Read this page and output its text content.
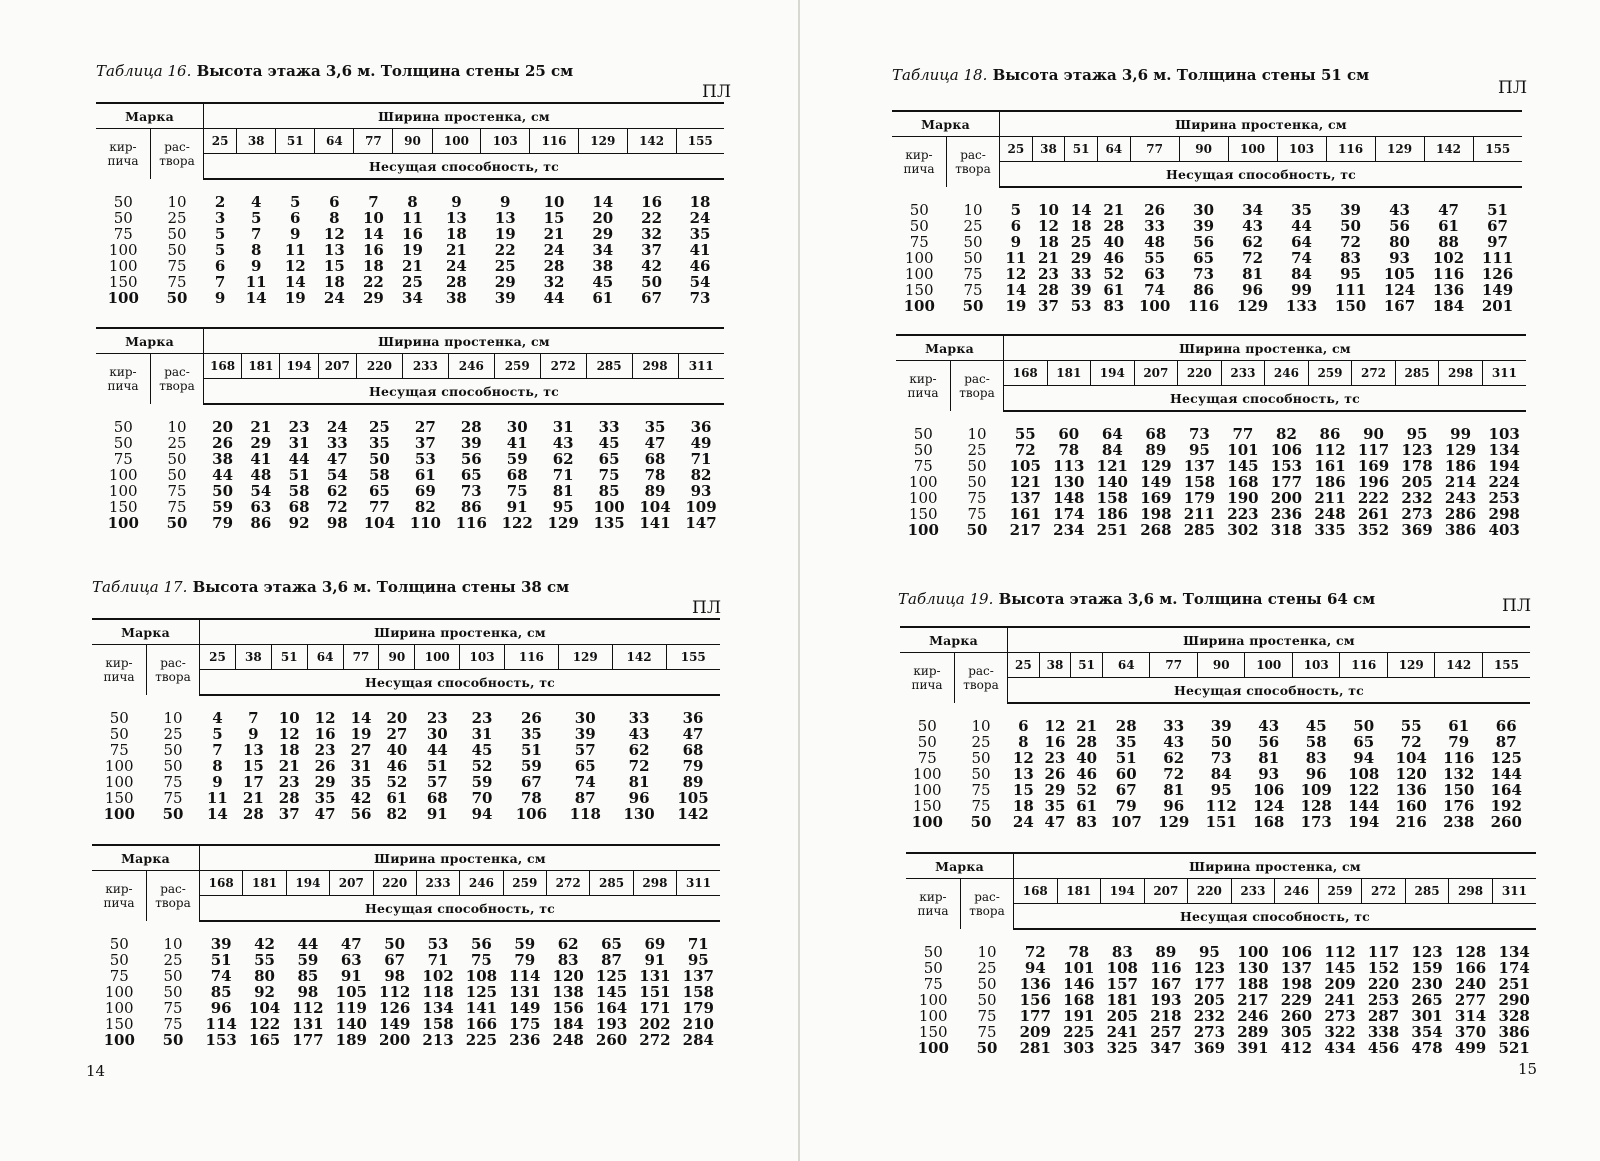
Таблица 16. Высота этажа 3,6 м. Толщина стены 25 см
ПЛ
Марка		Ширина простенка, см											
кир-пича	рас-твора	25	38	51	64	77	90	100	103	116	129	142	155
		Несущая способность, тс											

50	10	2	4	5	6	7	8	9	9	10	14	16	18
50	25	3	5	6	8	10	11	13	13	15	20	22	24
75	50	5	7	9	12	14	16	18	19	21	29	32	35
100	50	5	8	11	13	16	19	21	22	24	34	37	41
100	75	6	9	12	15	18	21	24	25	28	38	42	46
150	75	7	11	14	18	22	25	28	29	32	45	50	54
100	50	9	14	19	24	29	34	38	39	44	61	67	73
Марка		Ширина простенка, см											
кир-пича	рас-твора	168	181	194	207	220	233	246	259	272	285	298	311
		Несущая способность, тс											

50	10	20	21	23	24	25	27	28	30	31	33	35	36
50	25	26	29	31	33	35	37	39	41	43	45	47	49
75	50	38	41	44	47	50	53	56	59	62	65	68	71
100	50	44	48	51	54	58	61	65	68	71	75	78	82
100	75	50	54	58	62	65	69	73	75	81	85	89	93
150	75	59	63	68	72	77	82	86	91	95	100	104	109
100	50	79	86	92	98	104	110	116	122	129	135	141	147
Таблица 17. Высота этажа 3,6 м. Толщина стены 38 см
ПЛ
Марка		Ширина простенка, см											
кир-пича	рас-твора	25	38	51	64	77	90	100	103	116	129	142	155
		Несущая способность, тс											

50	10	4	7	10	12	14	20	23	23	26	30	33	36
50	25	5	9	12	16	19	27	30	31	35	39	43	47
75	50	7	13	18	23	27	40	44	45	51	57	62	68
100	50	8	15	21	26	31	46	51	52	59	65	72	79
100	75	9	17	23	29	35	52	57	59	67	74	81	89
150	75	11	21	28	35	42	61	68	70	78	87	96	105
100	50	14	28	37	47	56	82	91	94	106	118	130	142
Марка		Ширина простенка, см											
кир-пича	рас-твора	168	181	194	207	220	233	246	259	272	285	298	311
		Несущая способность, тс											

50	10	39	42	44	47	50	53	56	59	62	65	69	71
50	25	51	55	59	63	67	71	75	79	83	87	91	95
75	50	74	80	85	91	98	102	108	114	120	125	131	137
100	50	85	92	98	105	112	118	125	131	138	145	151	158
100	75	96	104	112	119	126	134	141	149	156	164	171	179
150	75	114	122	131	140	149	158	166	175	184	193	202	210
100	50	153	165	177	189	200	213	225	236	248	260	272	284
Таблица 18. Высота этажа 3,6 м. Толщина стены 51 см
ПЛ
Марка		Ширина простенка, см											
кир-пича	рас-твора	25	38	51	64	77	90	100	103	116	129	142	155
		Несущая способность, тс											

50	10	5	10	14	21	26	30	34	35	39	43	47	51
50	25	6	12	18	28	33	39	43	44	50	56	61	67
75	50	9	18	25	40	48	56	62	64	72	80	88	97
100	50	11	21	29	46	55	65	72	74	83	93	102	111
100	75	12	23	33	52	63	73	81	84	95	105	116	126
150	75	14	28	39	61	74	86	96	99	111	124	136	149
100	50	19	37	53	83	100	116	129	133	150	167	184	201
Марка		Ширина простенка, см											
кир-пича	рас-твора	168	181	194	207	220	233	246	259	272	285	298	311
		Несущая способность, тс											

50	10	55	60	64	68	73	77	82	86	90	95	99	103
50	25	72	78	84	89	95	101	106	112	117	123	129	134
75	50	105	113	121	129	137	145	153	161	169	178	186	194
100	50	121	130	140	149	158	168	177	186	196	205	214	224
100	75	137	148	158	169	179	190	200	211	222	232	243	253
150	75	161	174	186	198	211	223	236	248	261	273	286	298
100	50	217	234	251	268	285	302	318	335	352	369	386	403
Таблица 19. Высота этажа 3,6 м. Толщина стены 64 см	ПЛ
Марка		Ширина простенка, см											
кир-пича	рас-твора	25	38	51	64	77	90	100	103	116	129	142	155
		Несущая способность, тс											

50	10	6	12	21	28	33	39	43	45	50	55	61	66
50	25	8	16	28	35	43	50	56	58	65	72	79	87
75	50	12	23	40	51	62	73	81	83	94	104	116	125
100	50	13	26	46	60	72	84	93	96	108	120	132	144
100	75	15	29	52	67	81	95	106	109	122	136	150	164
150	75	18	35	61	79	96	112	124	128	144	160	176	192
100	50	24	47	83	107	129	151	168	173	194	216	238	260
Марка		Ширина простенка, см											
кир-пича	рас-твора	168	181	194	207	220	233	246	259	272	285	298	311
		Несущая способность, тс											

50	10	72	78	83	89	95	100	106	112	117	123	128	134
50	25	94	101	108	116	123	130	137	145	152	159	166	174
75	50	136	146	157	167	177	188	198	209	220	230	240	251
100	50	156	168	181	193	205	217	229	241	253	265	277	290
100	75	177	191	205	218	232	246	260	273	287	301	314	328
150	75	209	225	241	257	273	289	305	322	338	354	370	386
100	50	281	303	325	347	369	391	412	434	456	478	499	521
14	15
